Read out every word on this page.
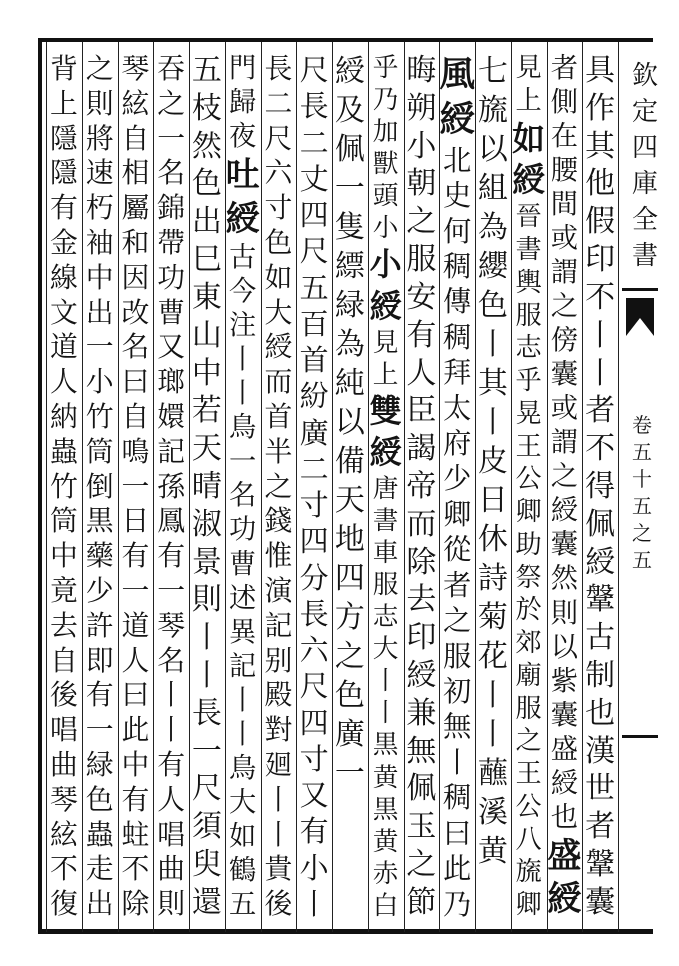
欽
定
四
庫
全
書
卷
五
十
五
之
五
具
作
其
他
假
印
不
丨
丨
者
不
得
佩
綬
鞶
古
制
也
漢
世
者
鞶
囊
者
側
在
腰
間
或
謂
之
傍
囊
或
謂
之
綬
囊
然
則
以
紫
囊
盛
綬
也
盛
綬
見
上
如
綬
晉
書
輿
服
志
乎
晃
王
公
卿
助
祭
於
郊
廟
服
之
王
公
八
旒
卿
七
旒
以
組
為
纓
色
丨
其
丨
皮
日
休
詩
菊
花
丨
丨
蘸
溪
黄
風
綬
北
史
何
稠
傳
稠
拜
太
府
少
卿
從
者
之
服
初
無
丨
稠
曰
此
乃
晦
朔
小
朝
之
服
安
有
人
臣
謁
帝
而
除
去
印
綬
兼
無
佩
玉
之
節
乎
乃
加
獸
頭
小
小
綬
見
上
雙
綬
唐
書
車
服
志
大
丨
丨
黒
黄
黒
黄
赤
白
綬
及
佩
一
隻
縹
緑
為
純
以
備
天
地
四
方
之
色
廣
一
尺
長
二
丈
四
尺
五
百
首
紛
廣
二
寸
四
分
長
六
尺
四
寸
又
有
小
丨
長
二
尺
六
寸
色
如
大
綬
而
首
半
之
錢
惟
演
記
别
殿
對
廻
丨
丨
貴
後
門
歸
夜
吐
綬
古
今
注
丨
丨
鳥
一
名
功
曹
述
異
記
丨
丨
鳥
大
如
鶴
五
五
枝
然
色
出
巳
東
山
中
若
天
晴
淑
景
則
丨
丨
長
一
尺
須
臾
還
吞
之
一
名
錦
帶
功
曹
又
瑯
嬛
記
孫
鳳
有
一
琴
名
丨
丨
有
人
唱
曲
則
琴
絃
自
相
屬
和
因
改
名
曰
自
鳴
一
日
有
一
道
人
曰
此
中
有
蛀
不
除
之
則
將
速
朽
袖
中
出
一
小
竹
筒
倒
黒
藥
少
許
即
有
一
緑
色
蟲
走
出
背
上
隱
隱
有
金
線
文
道
人
納
蟲
竹
筒
中
竟
去
自
後
唱
曲
琴
絃
不
復
